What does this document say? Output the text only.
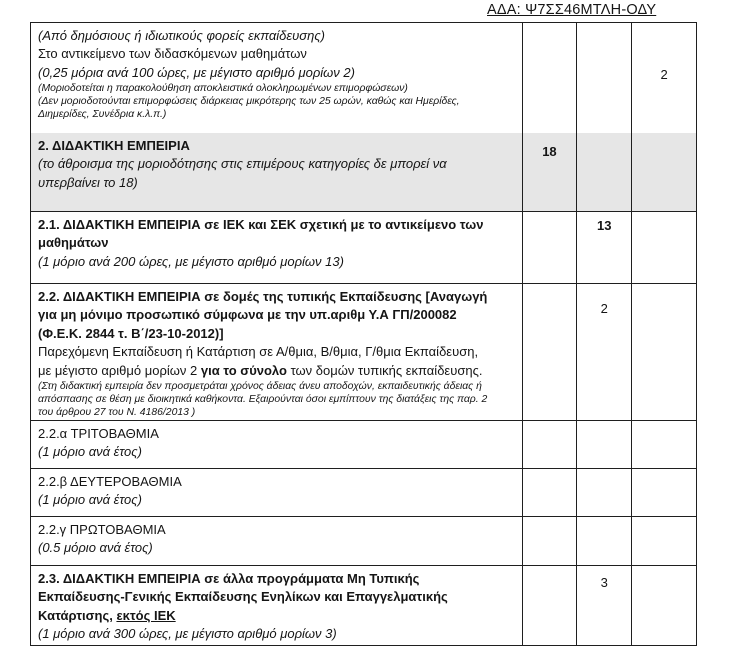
ΑΔΑ: Ψ7ΣΣ46ΜΤΛΗ-ΟΔΥ
(Από δημόσιους ή ιδιωτικούς φορείς εκπαίδευσης)
Στο αντικείμενο των διδασκόμενων μαθημάτων
(0,25 μόρια ανά 100 ώρες, με μέγιστο αριθμό μορίων 2)
(Μοριοδοτείται η παρακολούθηση αποκλειστικά ολοκληρωμένων επιμορφώσεων)
(Δεν μοριοδοτούνται επιμορφώσεις διάρκειας μικρότερης των 25 ωρών, καθώς και Ημερίδες,
Διημερίδες, Συνέδρια κ.λ.π.)
2
2. ΔΙΔΑΚΤΙΚΗ ΕΜΠΕΙΡΙΑ
(το άθροισμα της μοριοδότησης στις επιμέρους κατηγορίες δε μπορεί να
υπερβαίνει το 18)
18
2.1. ΔΙΔΑΚΤΙΚΗ ΕΜΠΕΙΡΙΑ σε ΙΕΚ και ΣΕΚ σχετική με το αντικείμενο των
μαθημάτων
(1 μόριο ανά 200 ώρες, με μέγιστο αριθμό μορίων 13)
13
2.2. ΔΙΔΑΚΤΙΚΗ ΕΜΠΕΙΡΙΑ σε δομές της τυπικής Εκπαίδευσης [Αναγωγή
για μη μόνιμο προσωπικό σύμφωνα με την υπ.αριθμ Υ.Α ΓΠ/200082
(Φ.Ε.Κ. 2844 τ. Β΄/23-10-2012)]
Παρεχόμενη Εκπαίδευση ή Κατάρτιση σε Α/θμια, Β/θμια, Γ/θμια Εκπαίδευση,
με μέγιστο αριθμό μορίων 2 για το σύνολο των δομών τυπικής εκπαίδευσης.
(Στη διδακτική εμπειρία δεν προσμετράται χρόνος άδειας άνευ αποδοχών, εκπαιδευτικής άδειας ή
απόσπασης σε θέση με διοικητικά καθήκοντα. Εξαιρούνται όσοι εμπίπτουν της διατάξεις της παρ. 2
του άρθρου 27 του Ν. 4186/2013 )
2
2.2.α ΤΡΙΤΟΒΑΘΜΙΑ
(1 μόριο ανά έτος)
2.2.β ΔΕΥΤΕΡΟΒΑΘΜΙΑ
(1 μόριο ανά έτος)
2.2.γ ΠΡΩΤΟΒΑΘΜΙΑ
(0.5 μόριο ανά έτος)
2.3. ΔΙΔΑΚΤΙΚΗ ΕΜΠΕΙΡΙΑ σε άλλα προγράμματα Μη Τυπικής
Εκπαίδευσης-Γενικής Εκπαίδευσης Ενηλίκων και Επαγγελματικής
Κατάρτισης, εκτός ΙΕΚ
(1 μόριο ανά 300 ώρες, με μέγιστο αριθμό μορίων 3)
3
